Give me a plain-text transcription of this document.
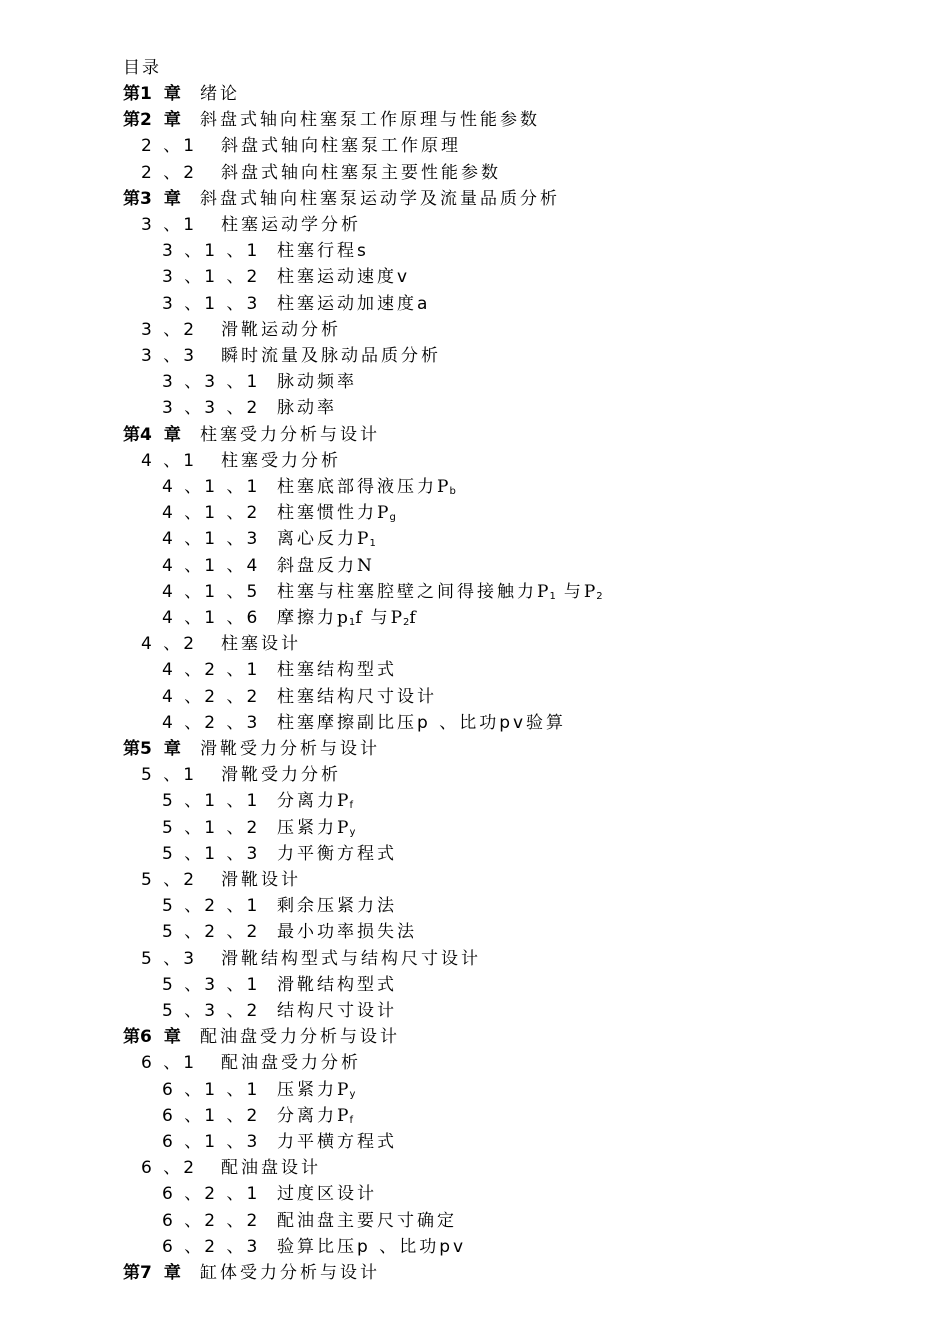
目录
第1 章 绪论
第2 章 斜盘式轴向柱塞泵工作原理与性能参数
2 、1 斜盘式轴向柱塞泵工作原理
2 、2 斜盘式轴向柱塞泵主要性能参数
第3 章 斜盘式轴向柱塞泵运动学及流量品质分析
3 、1 柱塞运动学分析
3 、1 、1 柱塞行程s
3 、1 、2 柱塞运动速度v
3 、1 、3 柱塞运动加速度a
3 、2 滑靴运动分析
3 、3 瞬时流量及脉动品质分析
3 、3 、1 脉动频率
3 、3 、2 脉动率
第4 章 柱塞受力分析与设计
4 、1 柱塞受力分析
4 、1 、1 柱塞底部得液压力$P_b$
4 、1 、2 柱塞惯性力$P_g$
4 、1 、3 离心反力$P_1$
4 、1 、4 斜盘反力N
4 、1 、5 柱塞与柱塞腔壁之间得接触力$P_1$ 与$P_2$
4 、1 、6 摩擦力$p_1f$ 与$P_2f$
4 、2 柱塞设计
4 、2 、1 柱塞结构型式
4 、2 、2 柱塞结构尺寸设计
4 、2 、3 柱塞摩擦副比压p 、比功pv验算
第5 章 滑靴受力分析与设计
5 、1 滑靴受力分析
5 、1 、1 分离力$P_f$
5 、1 、2 压紧力$P_y$
5 、1 、3 力平衡方程式
5 、2 滑靴设计
5 、2 、1 剩余压紧力法
5 、2 、2 最小功率损失法
5 、3 滑靴结构型式与结构尺寸设计
5 、3 、1 滑靴结构型式
5 、3 、2 结构尺寸设计
第6 章 配油盘受力分析与设计
6 、1 配油盘受力分析
6 、1 、1 压紧力$P_y$
6 、1 、2 分离力$P_f$
6 、1 、3 力平横方程式
6 、2 配油盘设计
6 、2 、1 过度区设计
6 、2 、2 配油盘主要尺寸确定
6 、2 、3 验算比压p 、比功pv
第7 章 缸体受力分析与设计
